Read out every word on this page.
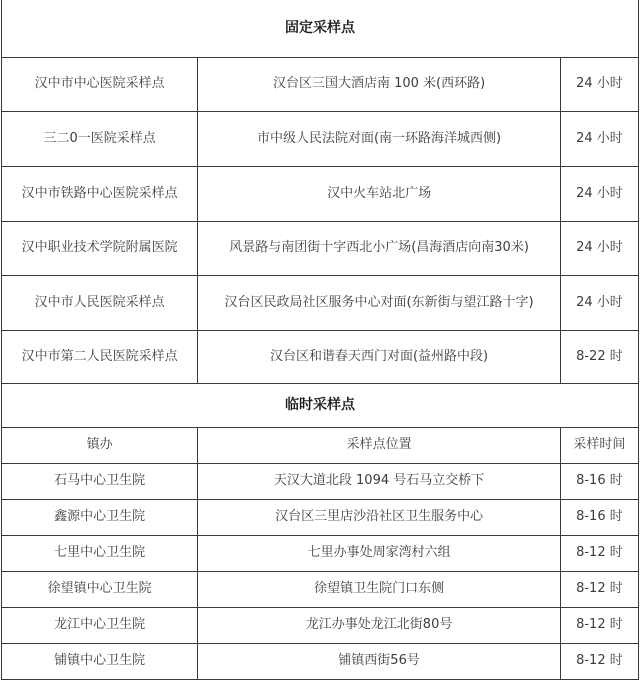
固定采样点		
汉中市中心医院采样点	汉台区三国大酒店南 100 米(西环路)	24 小时
三二0一医院采样点	市中级人民法院对面(南一环路海洋城西侧)	24 小时
汉中市铁路中心医院采样点	汉中火车站北广场	24 小时
汉中职业技术学院附属医院	风景路与南团街十字西北小广场(昌海酒店向南30米)	24 小时
汉中市人民医院采样点	汉台区民政局社区服务中心对面(东新街与望江路十字)	24 小时
汉中市第二人民医院采样点	汉台区和谐春天西门对面(益州路中段)	8-22 时
临时采样点		
镇办	采样点位置	采样时间
石马中心卫生院	天汉大道北段 1094 号石马立交桥下	8-16 时
鑫源中心卫生院	汉台区三里店沙沿社区卫生服务中心	8-16 时
七里中心卫生院	七里办事处周家湾村六组	8-12 时
徐望镇中心卫生院	徐望镇卫生院门口东侧	8-12 时
龙江中心卫生院	龙江办事处龙江北街80号	8-12 时
铺镇中心卫生院	铺镇西街56号	8-12 时
